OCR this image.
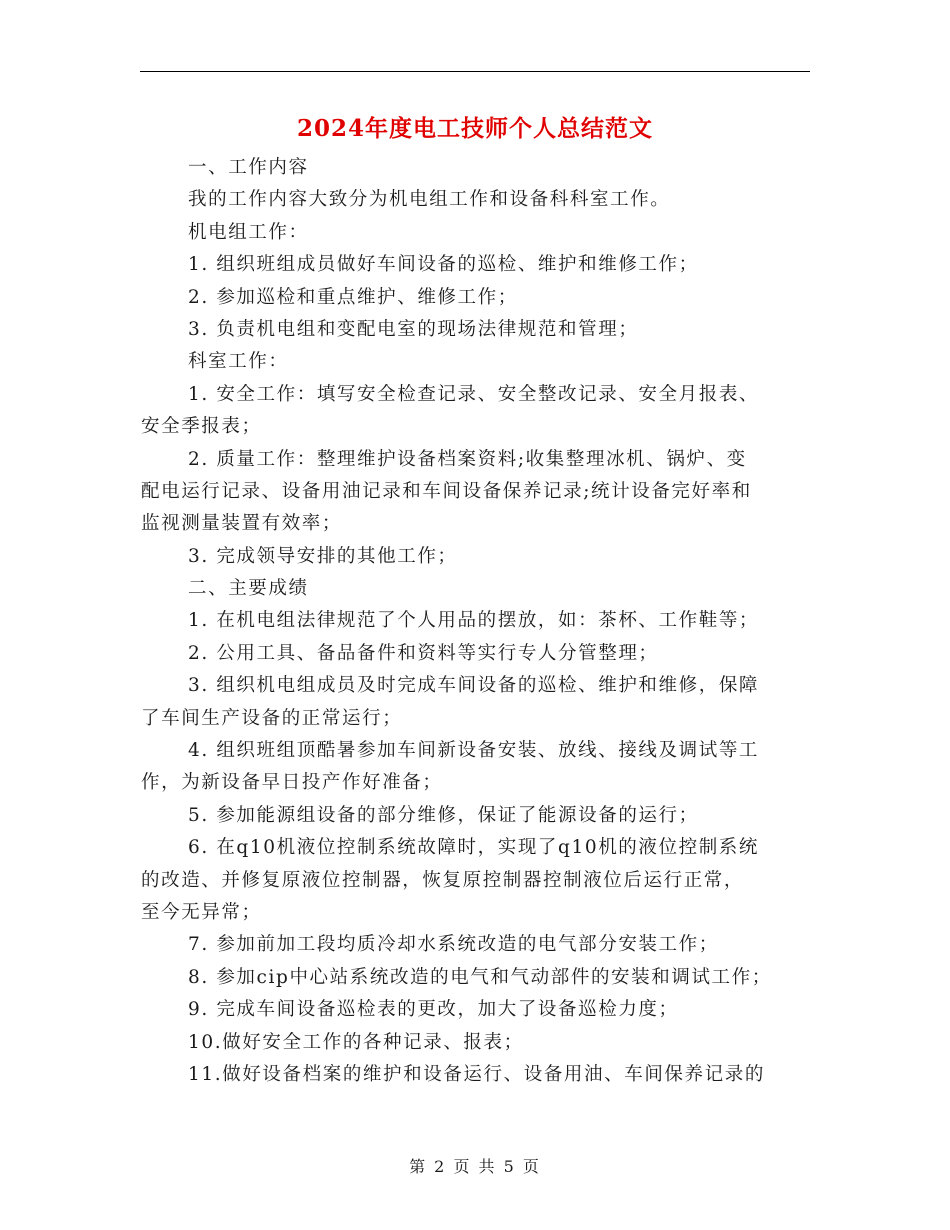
2024年度电工技师个人总结范文
一、工作内容
我的工作内容大致分为机电组工作和设备科科室工作。
机电组工作：
1. 组织班组成员做好车间设备的巡检、维护和维修工作；
2. 参加巡检和重点维护、维修工作；
3. 负责机电组和变配电室的现场法律规范和管理；
科室工作：
1. 安全工作：填写安全检查记录、安全整改记录、安全月报表、
安全季报表；
2. 质量工作：整理维护设备档案资料;收集整理冰机、锅炉、变
配电运行记录、设备用油记录和车间设备保养记录;统计设备完好率和
监视测量装置有效率；
3. 完成领导安排的其他工作；
二、主要成绩
1. 在机电组法律规范了个人用品的摆放，如：茶杯、工作鞋等；
2. 公用工具、备品备件和资料等实行专人分管整理；
3. 组织机电组成员及时完成车间设备的巡检、维护和维修，保障
了车间生产设备的正常运行；
4. 组织班组顶酷暑参加车间新设备安装、放线、接线及调试等工
作，为新设备早日投产作好准备；
5. 参加能源组设备的部分维修，保证了能源设备的运行；
6. 在q10机液位控制系统故障时，实现了q10机的液位控制系统
的改造、并修复原液位控制器，恢复原控制器控制液位后运行正常，
至今无异常；
7. 参加前加工段均质冷却水系统改造的电气部分安装工作；
8. 参加cip中心站系统改造的电气和气动部件的安装和调试工作；
9. 完成车间设备巡检表的更改，加大了设备巡检力度；
10.做好安全工作的各种记录、报表；
11.做好设备档案的维护和设备运行、设备用油、车间保养记录的
第 2 页 共 5 页
